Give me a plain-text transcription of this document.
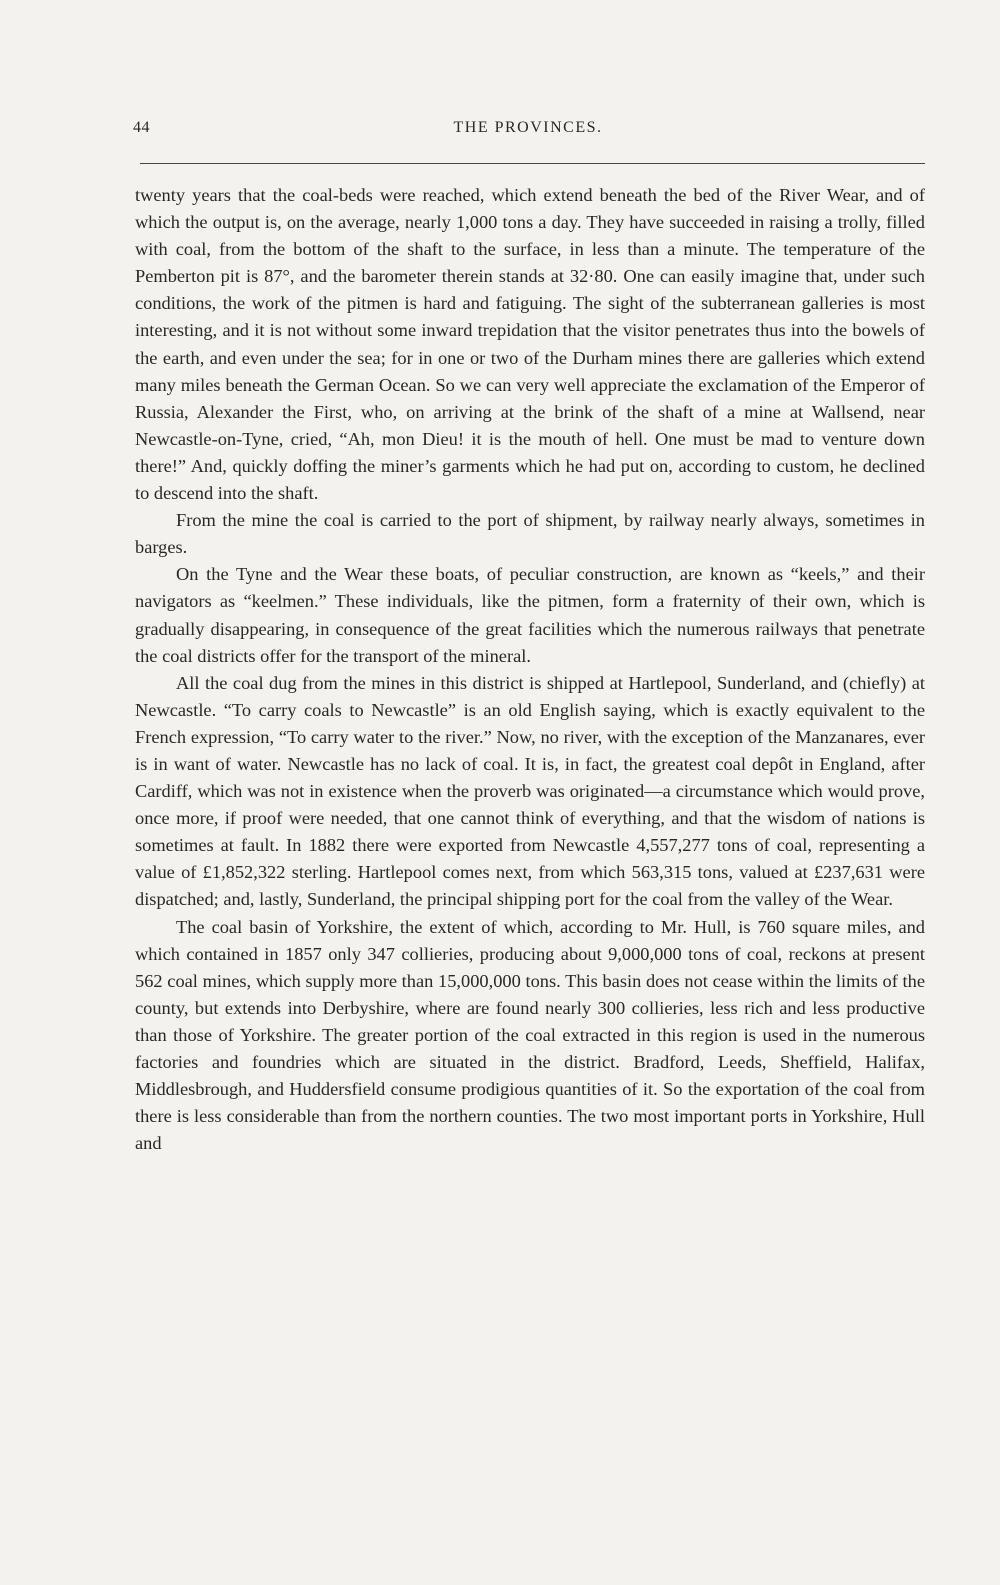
44	THE PROVINCES.

twenty years that the coal-beds were reached, which extend beneath the bed of the River Wear, and of which the output is, on the average, nearly 1,000 tons a day. They have succeeded in raising a trolly, filled with coal, from the bottom of the shaft to the surface, in less than a minute. The temperature of the Pemberton pit is 87°, and the barometer therein stands at 32·80. One can easily imagine that, under such conditions, the work of the pitmen is hard and fatiguing. The sight of the subterranean galleries is most interesting, and it is not without some inward trepidation that the visitor penetrates thus into the bowels of the earth, and even under the sea; for in one or two of the Durham mines there are galleries which extend many miles beneath the German Ocean. So we can very well appreciate the exclamation of the Emperor of Russia, Alexander the First, who, on arriving at the brink of the shaft of a mine at Wallsend, near Newcastle-on-Tyne, cried, “Ah, mon Dieu! it is the mouth of hell. One must be mad to venture down there!” And, quickly doffing the miner’s garments which he had put on, according to custom, he declined to descend into the shaft.

From the mine the coal is carried to the port of shipment, by railway nearly always, sometimes in barges.

On the Tyne and the Wear these boats, of peculiar construction, are known as “keels,” and their navigators as “keelmen.” These individuals, like the pitmen, form a fraternity of their own, which is gradually disappearing, in consequence of the great facilities which the numerous railways that penetrate the coal districts offer for the transport of the mineral.

All the coal dug from the mines in this district is shipped at Hartlepool, Sunderland, and (chiefly) at Newcastle. “To carry coals to Newcastle” is an old English saying, which is exactly equivalent to the French expression, “To carry water to the river.” Now, no river, with the exception of the Manzanares, ever is in want of water. Newcastle has no lack of coal. It is, in fact, the greatest coal depôt in England, after Cardiff, which was not in existence when the proverb was originated—a circumstance which would prove, once more, if proof were needed, that one cannot think of everything, and that the wisdom of nations is sometimes at fault. In 1882 there were exported from Newcastle 4,557,277 tons of coal, representing a value of £1,852,322 sterling. Hartlepool comes next, from which 563,315 tons, valued at £237,631 were dispatched; and, lastly, Sunderland, the principal shipping port for the coal from the valley of the Wear.

The coal basin of Yorkshire, the extent of which, according to Mr. Hull, is 760 square miles, and which contained in 1857 only 347 collieries, producing about 9,000,000 tons of coal, reckons at present 562 coal mines, which supply more than 15,000,000 tons. This basin does not cease within the limits of the county, but extends into Derbyshire, where are found nearly 300 collieries, less rich and less productive than those of Yorkshire. The greater portion of the coal extracted in this region is used in the numerous factories and foundries which are situated in the district. Bradford, Leeds, Sheffield, Halifax, Middlesbrough, and Huddersfield consume prodigious quantities of it. So the exportation of the coal from there is less considerable than from the northern counties. The two most important ports in Yorkshire, Hull and
